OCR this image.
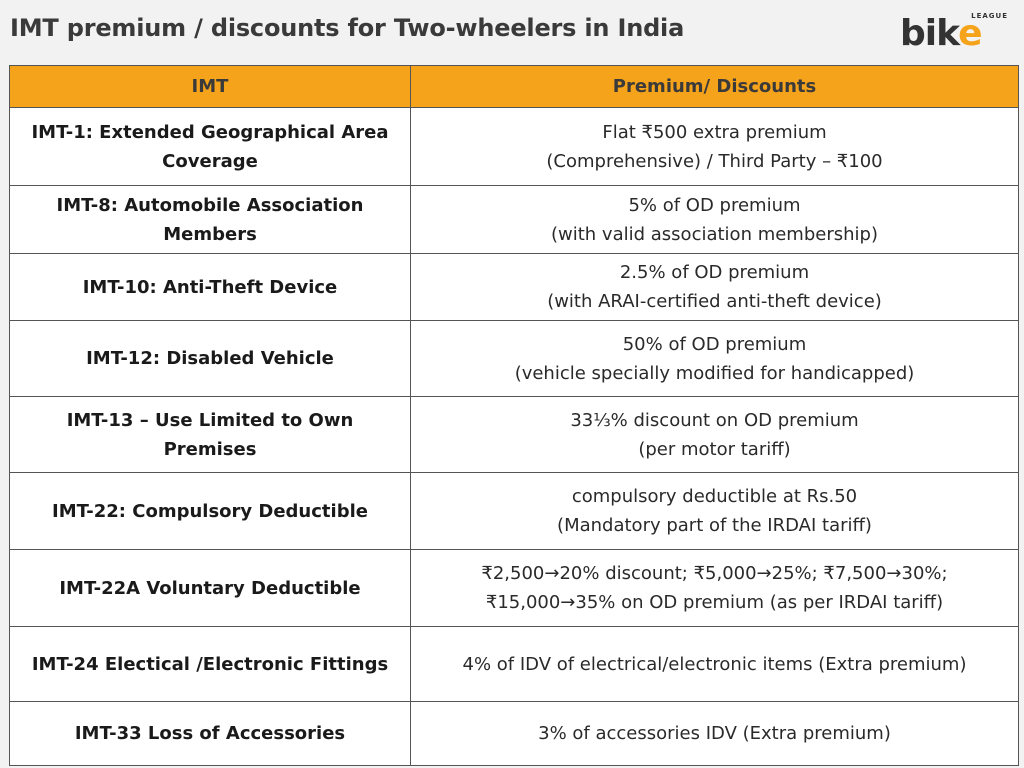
IMT premium / discounts for Two-wheelers in India	LEAGUE
bike
IMT	Premium/ Discounts

IMT-1: Extended Geographical Area
Coverage	Flat ₹500 extra premium
(Comprehensive) / Third Party – ₹100

IMT-8: Automobile Association
Members	5% of OD premium
(with valid association membership)

IMT-10: Anti-Theft Device	2.5% of OD premium
(with ARAI-certified anti-theft device)

IMT-12: Disabled Vehicle	50% of OD premium
(vehicle specially modified for handicapped)

IMT-13 – Use Limited to Own
Premises	33⅓% discount on OD premium
(per motor tariff)

IMT-22: Compulsory Deductible	compulsory deductible at Rs.50
(Mandatory part of the IRDAI tariff)

IMT-22A Voluntary Deductible	₹2,500→20% discount; ₹5,000→25%; ₹7,500→30%;
₹15,000→35% on OD premium (as per IRDAI tariff)

IMT-24 Electical /Electronic Fittings	4% of IDV of electrical/electronic items (Extra premium)

IMT-33 Loss of Accessories	3% of accessories IDV (Extra premium)
